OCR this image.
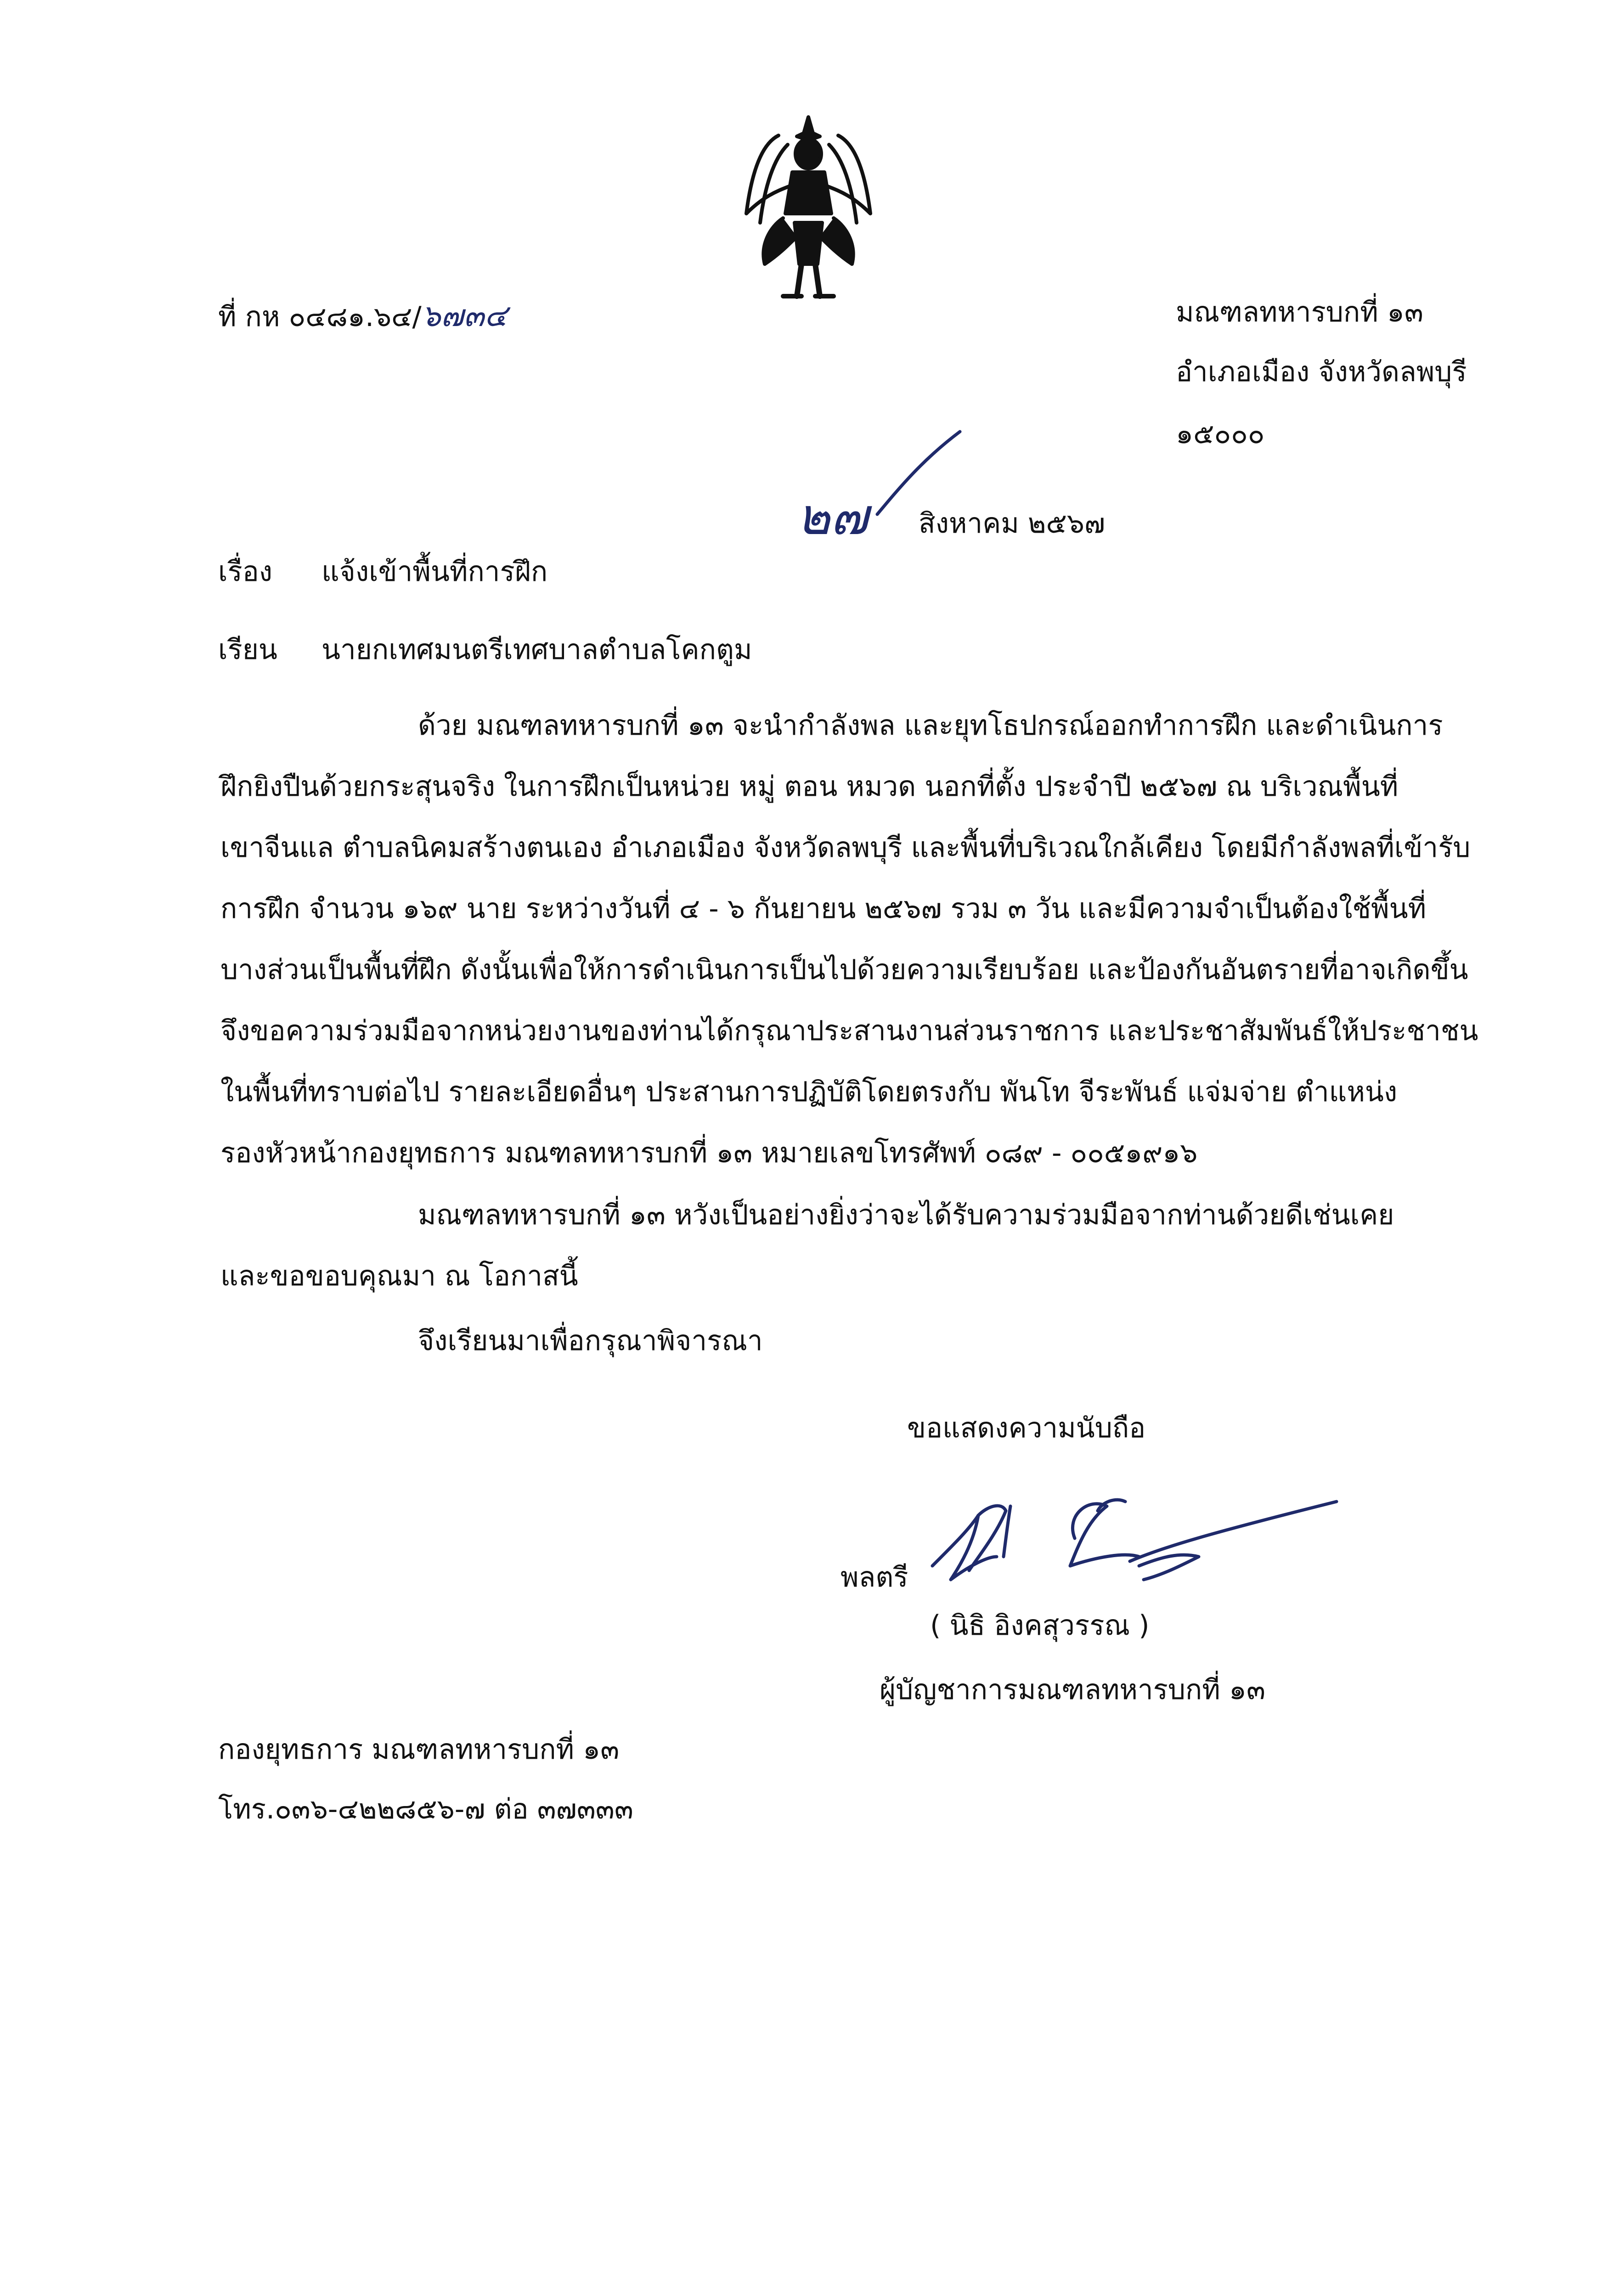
ที่ กห ๐๔๘๑.๖๔/๖๗๓๔	มณฑลทหารบกที่ ๑๓
อำเภอเมือง จังหวัดลพบุรี
๑๕๐๐๐
๒๗ สิงหาคม ๒๕๖๗
เรื่อง แจ้งเข้าพื้นที่การฝึก
เรียน นายกเทศมนตรีเทศบาลตำบลโคกตูม
ด้วย มณฑลทหารบกที่ ๑๓ จะนำกำลังพล และยุทโธปกรณ์ออกทำการฝึก และดำเนินการ
ฝึกยิงปืนด้วยกระสุนจริง ในการฝึกเป็นหน่วย หมู่ ตอน หมวด นอกที่ตั้ง ประจำปี ๒๕๖๗ ณ บริเวณพื้นที่
เขาจีนแล ตำบลนิคมสร้างตนเอง อำเภอเมือง จังหวัดลพบุรี และพื้นที่บริเวณใกล้เคียง โดยมีกำลังพลที่เข้ารับ
การฝึก จำนวน ๑๖๙ นาย ระหว่างวันที่ ๔ - ๖ กันยายน ๒๕๖๗ รวม ๓ วัน และมีความจำเป็นต้องใช้พื้นที่
บางส่วนเป็นพื้นที่ฝึก ดังนั้นเพื่อให้การดำเนินการเป็นไปด้วยความเรียบร้อย และป้องกันอันตรายที่อาจเกิดขึ้น
จึงขอความร่วมมือจากหน่วยงานของท่านได้กรุณาประสานงานส่วนราชการ และประชาสัมพันธ์ให้ประชาชน
ในพื้นที่ทราบต่อไป รายละเอียดอื่นๆ ประสานการปฏิบัติโดยตรงกับ พันโท จีระพันธ์ แจ่มจ่าย ตำแหน่ง
รองหัวหน้ากองยุทธการ มณฑลทหารบกที่ ๑๓ หมายเลขโทรศัพท์ ๐๘๙ - ๐๐๕๑๙๑๖
มณฑลทหารบกที่ ๑๓ หวังเป็นอย่างยิ่งว่าจะได้รับความร่วมมือจากท่านด้วยดีเช่นเคย
และขอขอบคุณมา ณ โอกาสนี้
จึงเรียนมาเพื่อกรุณาพิจารณา
ขอแสดงความนับถือ
พลตรี
( นิธิ อิงคสุวรรณ )
ผู้บัญชาการมณฑลทหารบกที่ ๑๓
กองยุทธการ มณฑลทหารบกที่ ๑๓
โทร.๐๓๖-๔๒๒๘๕๖-๗ ต่อ ๓๗๓๓๓
